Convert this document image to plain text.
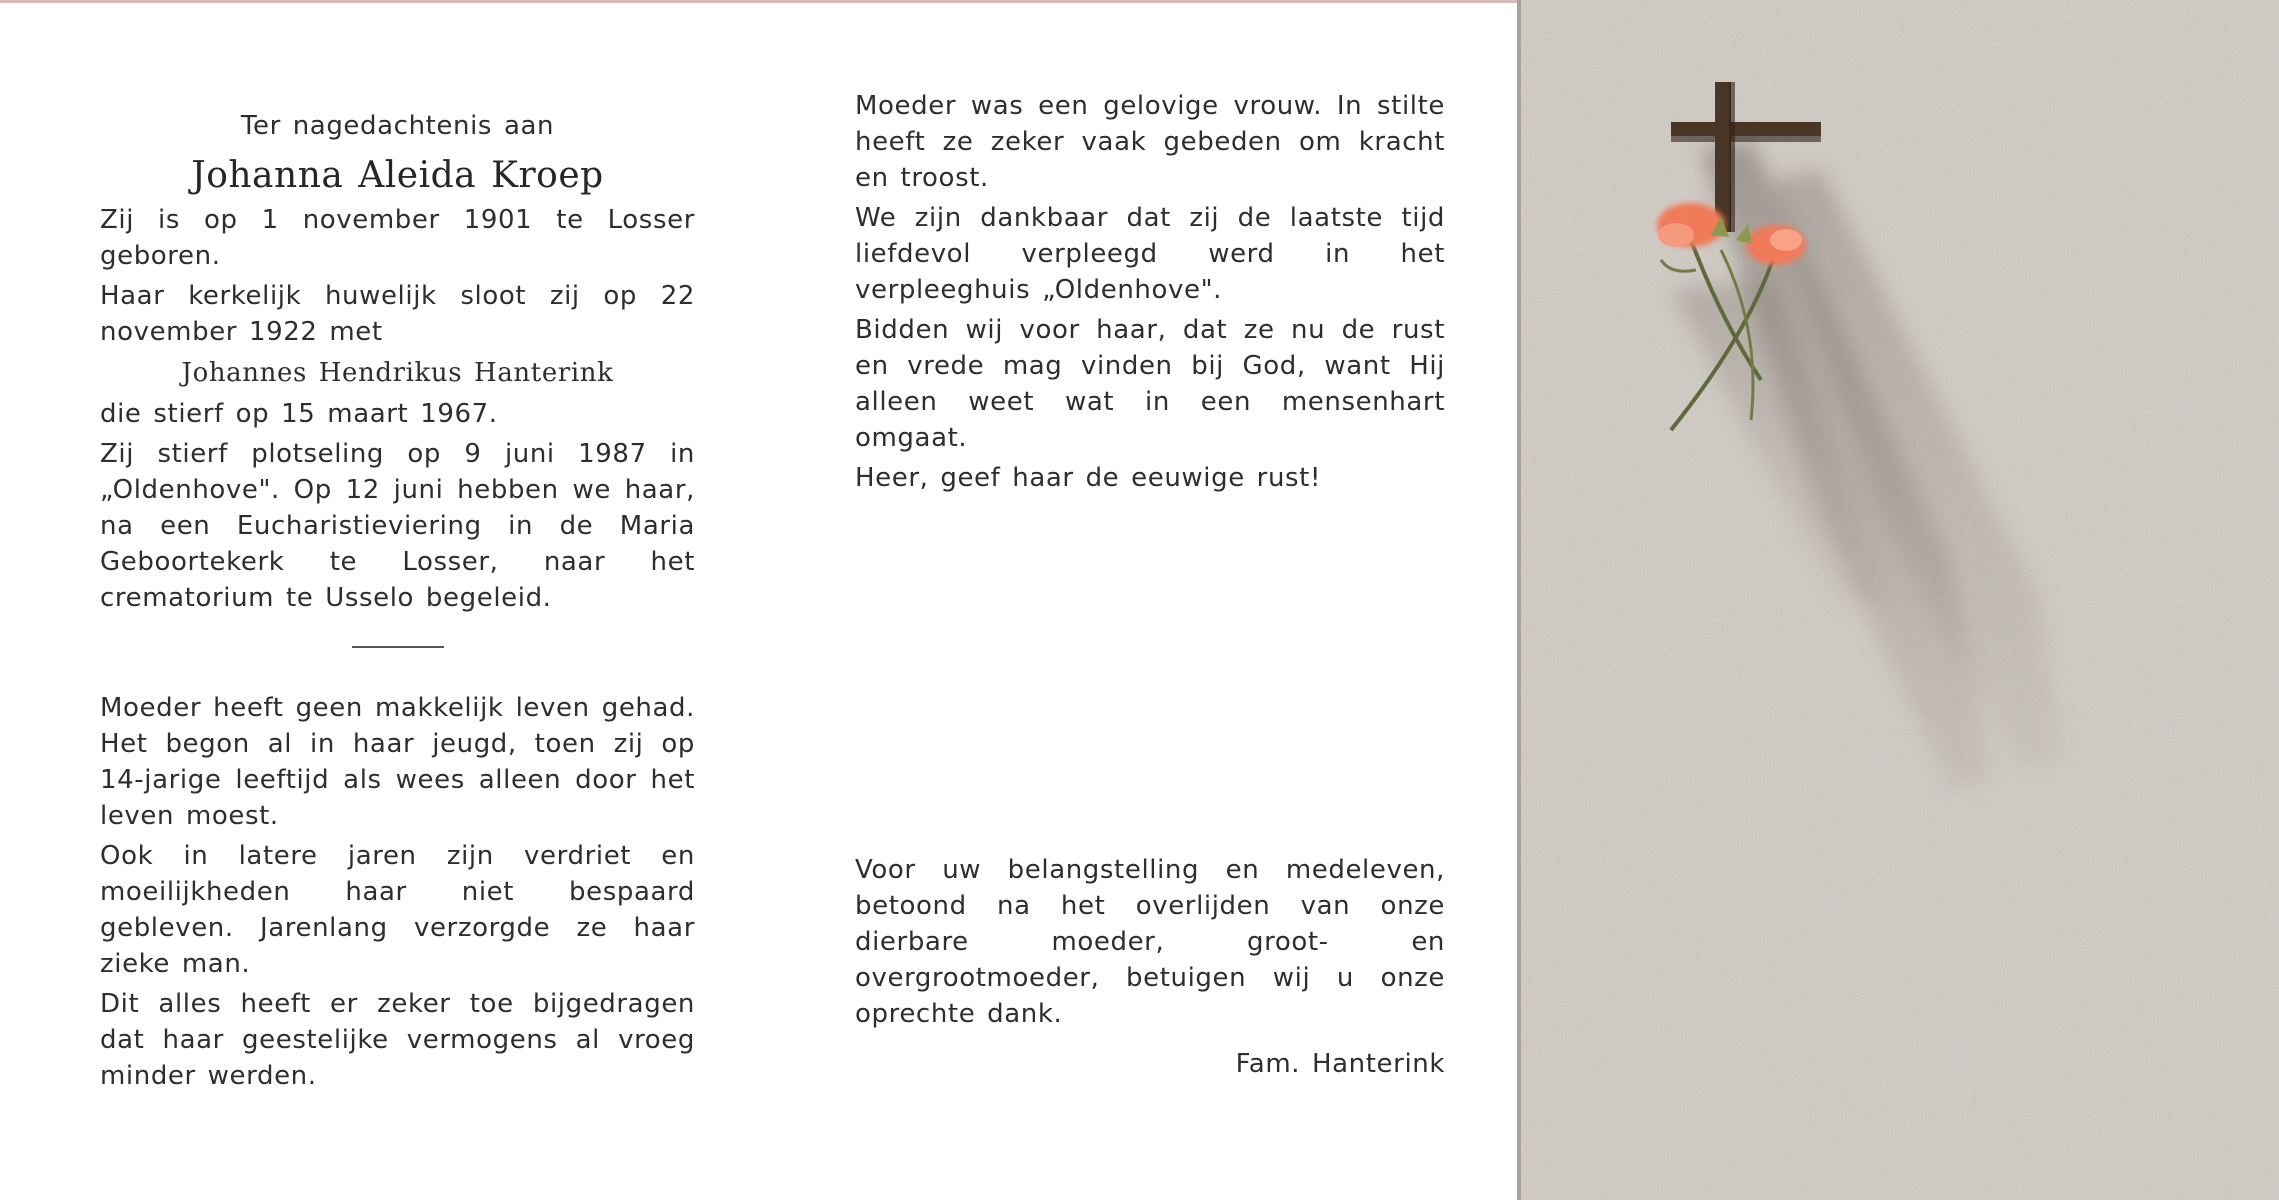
Ter nagedachtenis aan

Johanna Aleida Kroep

Zij is op 1 november 1901 te Losser geboren.

Haar kerkelijk huwelijk sloot zij op 22 november 1922 met

Johannes Hendrikus Hanterink

die stierf op 15 maart 1967.

Zij stierf plotseling op 9 juni 1987 in „Oldenhove". Op 12 juni hebben we haar, na een Eucharistieviering in de Maria Geboortekerk te Losser, naar het crematorium te Usselo begeleid.

Moeder heeft geen makkelijk leven gehad. Het begon al in haar jeugd, toen zij op 14-jarige leeftijd als wees alleen door het leven moest.

Ook in latere jaren zijn verdriet en moeilijkheden haar niet bespaard gebleven. Jarenlang verzorgde ze haar zieke man.

Dit alles heeft er zeker toe bijgedragen dat haar geestelijke vermogens al vroeg minder werden.

Moeder was een gelovige vrouw. In stilte heeft ze zeker vaak gebeden om kracht en troost.

We zijn dankbaar dat zij de laatste tijd liefdevol verpleegd werd in het verpleeghuis „Oldenhove".

Bidden wij voor haar, dat ze nu de rust en vrede mag vinden bij God, want Hij alleen weet wat in een mensenhart omgaat.

Heer, geef haar de eeuwige rust!

Voor uw belangstelling en medeleven, betoond na het overlijden van onze dierbare moeder, groot- en overgrootmoeder, betuigen wij u onze oprechte dank.

Fam. Hanterink
